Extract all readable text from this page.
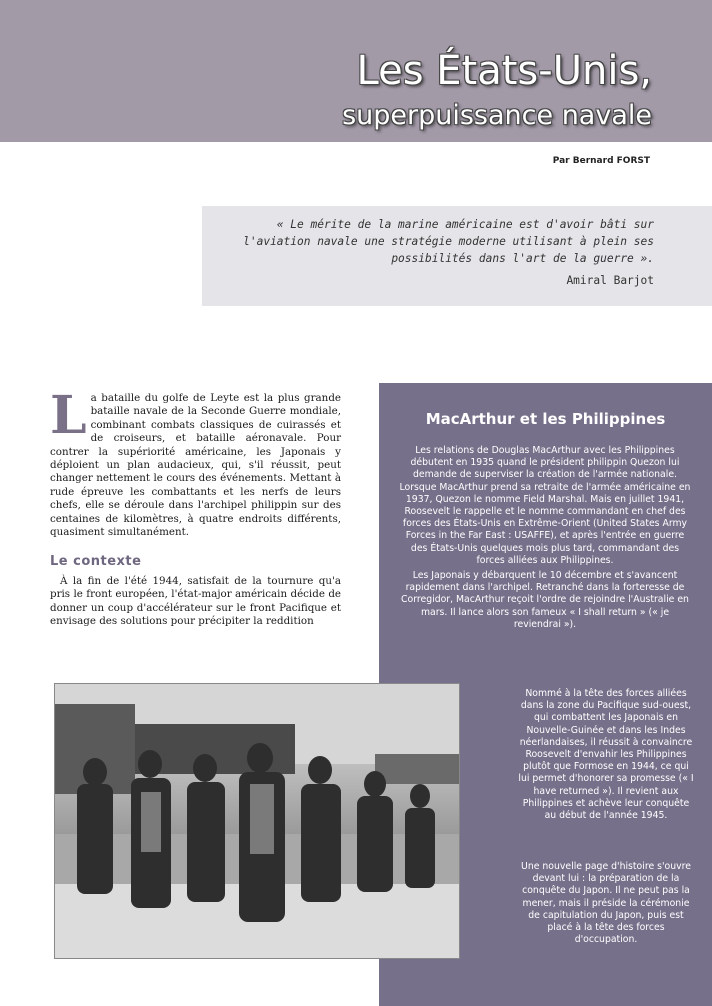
Les États-Unis,
superpuissance navale
Par Bernard FORST
« Le mérite de la marine américaine est d'avoir bâti sur l'aviation navale une stratégie moderne utilisant à plein ses possibilités dans l'art de la guerre ».
Amiral Barjot

La bataille du golfe de Leyte est la plus grande bataille navale de la Seconde Guerre mondiale, combinant combats classiques de cuirassés et de croiseurs, et bataille aéronavale. Pour contrer la supériorité américaine, les Japonais y déploient un plan audacieux, qui, s'il réussit, peut changer nettement le cours des événements. Mettant à rude épreuve les combattants et les nerfs de leurs chefs, elle se déroule dans l'archipel philippin sur des centaines de kilomètres, à quatre endroits différents, quasiment simultanément.

Le contexte

À la fin de l'été 1944, satisfait de la tournure qu'a pris le front européen, l'état-major américain décide de donner un coup d'accélérateur sur le front Pacifique et envisage des solutions pour précipiter la reddition

MacArthur et les Philippines

Les relations de Douglas MacArthur avec les Philippines débutent en 1935 quand le président philippin Quezon lui demande de superviser la création de l'armée nationale. Lorsque MacArthur prend sa retraite de l'armée américaine en 1937, Quezon le nomme Field Marshal. Mais en juillet 1941, Roosevelt le rappelle et le nomme commandant en chef des forces des États-Unis en Extrême-Orient (United States Army Forces in the Far East : USAFFE), et après l'entrée en guerre des États-Unis quelques mois plus tard, commandant des forces alliées aux Philippines.

Les Japonais y débarquent le 10 décembre et s'avancent rapidement dans l'archipel. Retranché dans la forteresse de Corregidor, MacArthur reçoit l'ordre de rejoindre l'Australie en mars. Il lance alors son fameux « I shall return » (« je reviendrai »).

Nommé à la tête des forces alliées dans la zone du Pacifique sud-ouest, qui combattent les Japonais en Nouvelle-Guinée et dans les Indes néerlandaises, il réussit à convaincre Roosevelt d'envahir les Philippines plutôt que Formose en 1944, ce qui lui permet d'honorer sa promesse (« I have returned »). Il revient aux Philippines et achève leur conquête au début de l'année 1945.
Une nouvelle page d'histoire s'ouvre devant lui : la préparation de la conquête du Japon. Il ne peut pas la mener, mais il préside la cérémonie de capitulation du Japon, puis est placé à la tête des forces d'occupation.
